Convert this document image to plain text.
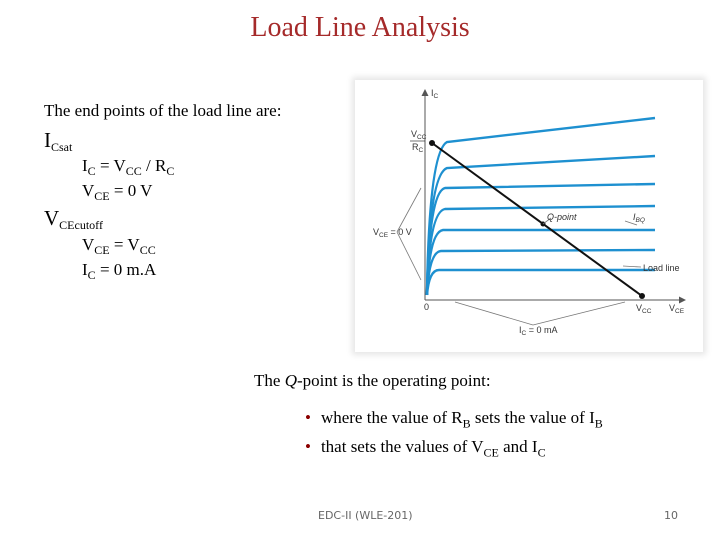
Load Line Analysis
The end points of the load line are:
$I_{Csat}$
$I_C = V_{CC} / R_C$
$V_{CE} = 0$ V
$V_{CEcutoff}$
$V_{CE} = V_{CC}$
$I_C = 0$ m.A
$I_C$
$V_{CC}$
$R_C$
Q-point	$I_{BQ}$
$V_{CE} = 0$ V
Load line
0	$V_{CC}$ $V_{CE}$
$I_C = 0$ mA
The Q-point is the operating point:
• where the value of $R_B$ sets the value of $I_B$
• that sets the values of $V_{CE}$ and $I_C$
EDC-II (WLE-201)	10
